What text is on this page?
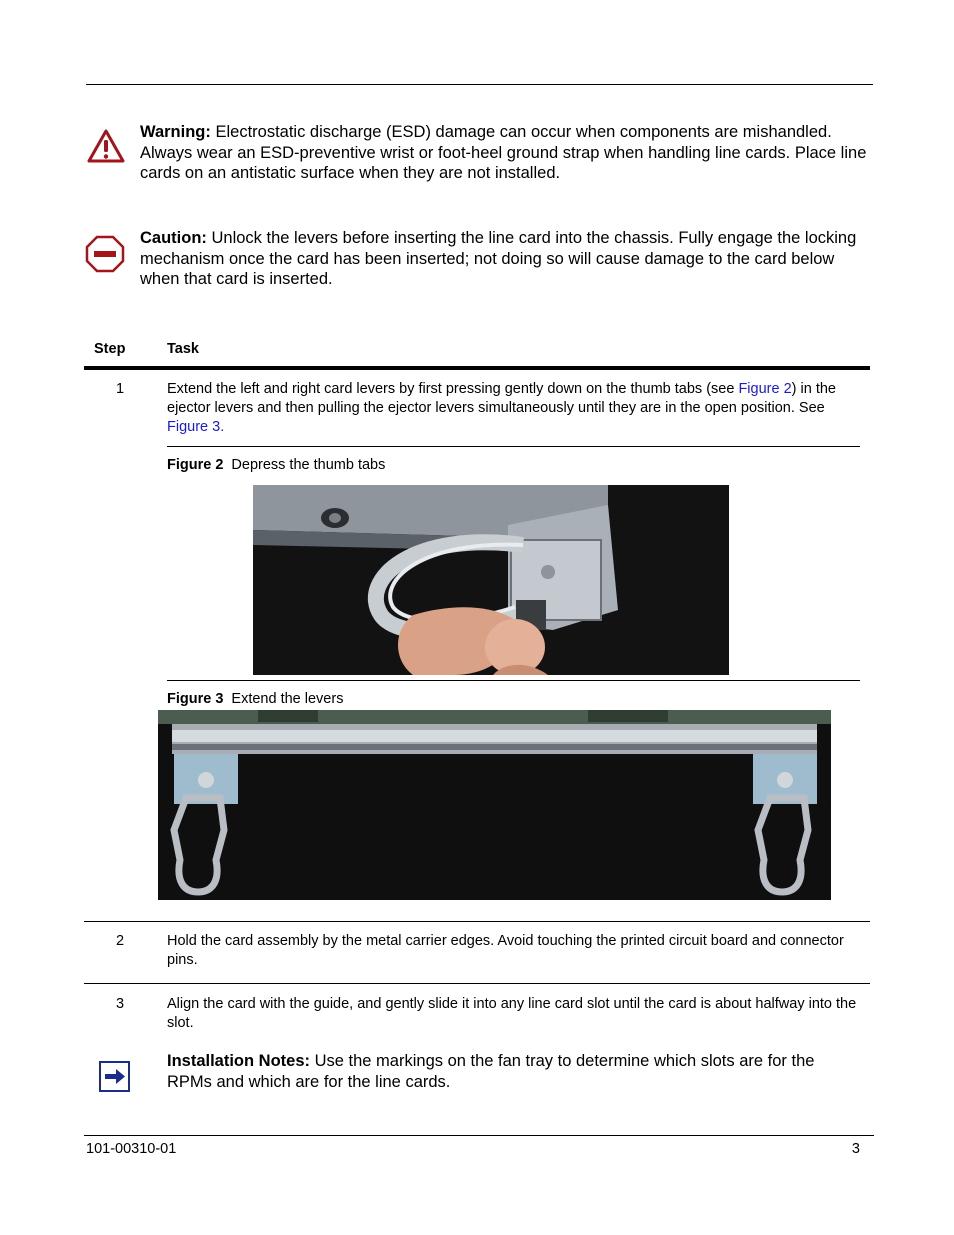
Warning: Electrostatic discharge (ESD) damage can occur when components are mishandled. Always wear an ESD-preventive wrist or foot-heel ground strap when handling line cards. Place line cards on an antistatic surface when they are not installed.
Caution: Unlock the levers before inserting the line card into the chassis. Fully engage the locking mechanism once the card has been inserted; not doing so will cause damage to the card below when that card is inserted.
Step	Task
1	Extend the left and right card levers by first pressing gently down on the thumb tabs (see Figure 2) in the ejector levers and then pulling the ejector levers simultaneously until they are in the open position. See Figure 3.
Figure 2 Depress the thumb tabs
Figure 3 Extend the levers
2	Hold the card assembly by the metal carrier edges. Avoid touching the printed circuit board and connector pins.
3	Align the card with the guide, and gently slide it into any line card slot until the card is about halfway into the slot.
Installation Notes: Use the markings on the fan tray to determine which slots are for the RPMs and which are for the line cards.
101-00310-01	3
